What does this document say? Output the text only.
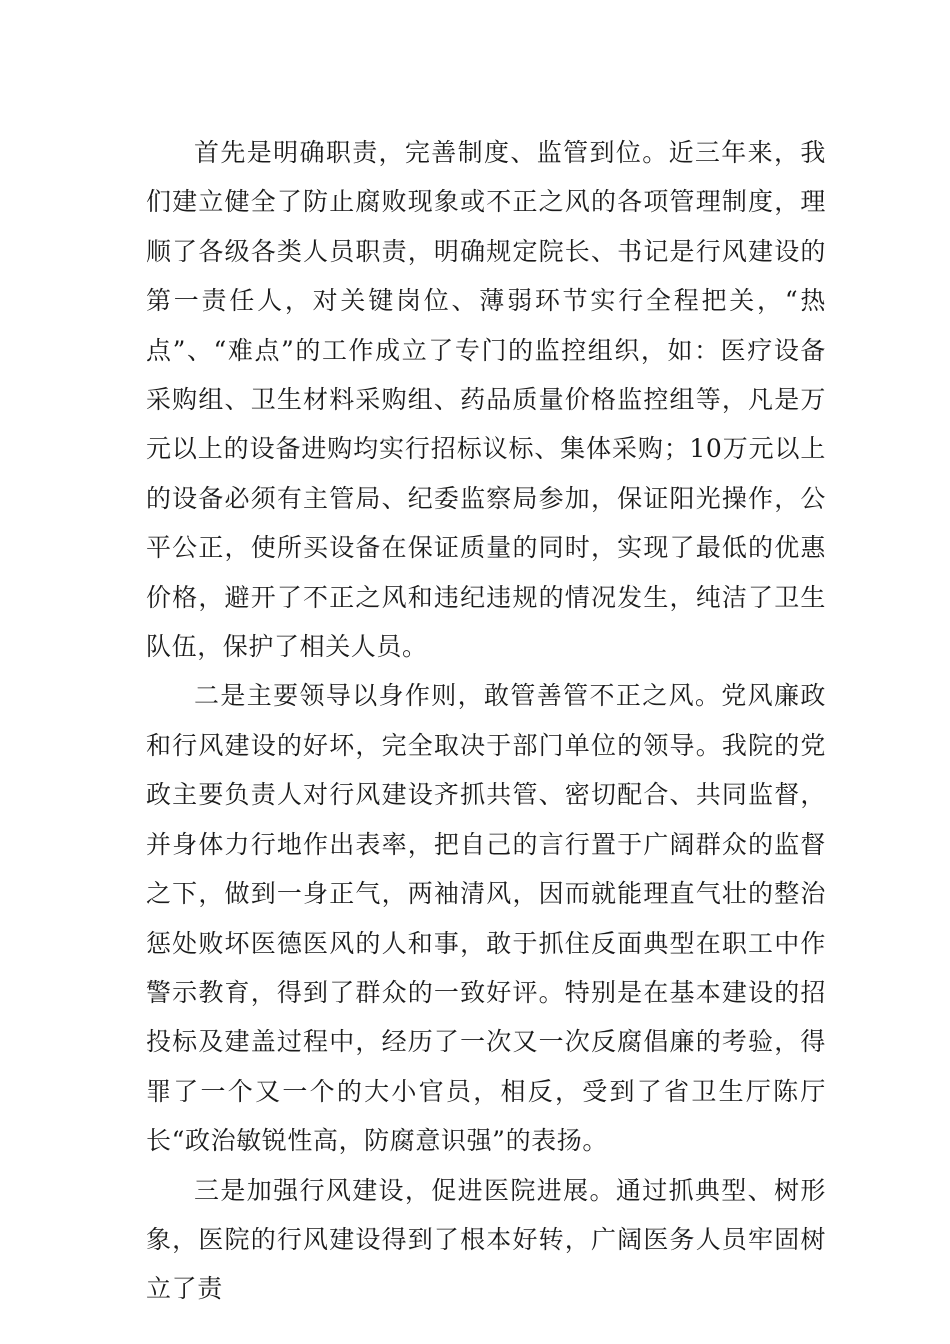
首先是明确职责，完善制度、监管到位。近三年来，我们建立健全了防止腐败现象或不正之风的各项管理制度，理顺了各级各类人员职责，明确规定院长、书记是行风建设的第一责任人，对关键岗位、薄弱环节实行全程把关，“热点”、“难点”的工作成立了专门的监控组织，如：医疗设备采购组、卫生材料采购组、药品质量价格监控组等，凡是万元以上的设备进购均实行招标议标、集体采购；10万元以上的设备必须有主管局、纪委监察局参加，保证阳光操作，公平公正，使所买设备在保证质量的同时，实现了最低的优惠价格，避开了不正之风和违纪违规的情况发生，纯洁了卫生队伍，保护了相关人员。

二是主要领导以身作则，敢管善管不正之风。党风廉政和行风建设的好坏，完全取决于部门单位的领导。我院的党政主要负责人对行风建设齐抓共管、密切配合、共同监督，并身体力行地作出表率，把自己的言行置于广阔群众的监督之下，做到一身正气，两袖清风，因而就能理直气壮的整治惩处败坏医德医风的人和事，敢于抓住反面典型在职工中作警示教育，得到了群众的一致好评。特别是在基本建设的招投标及建盖过程中，经历了一次又一次反腐倡廉的考验，得罪了一个又一个的大小官员，相反，受到了省卫生厅陈厅长“政治敏锐性高，防腐意识强”的表扬。

三是加强行风建设，促进医院进展。通过抓典型、树形象，医院的行风建设得到了根本好转，广阔医务人员牢固树立了责
